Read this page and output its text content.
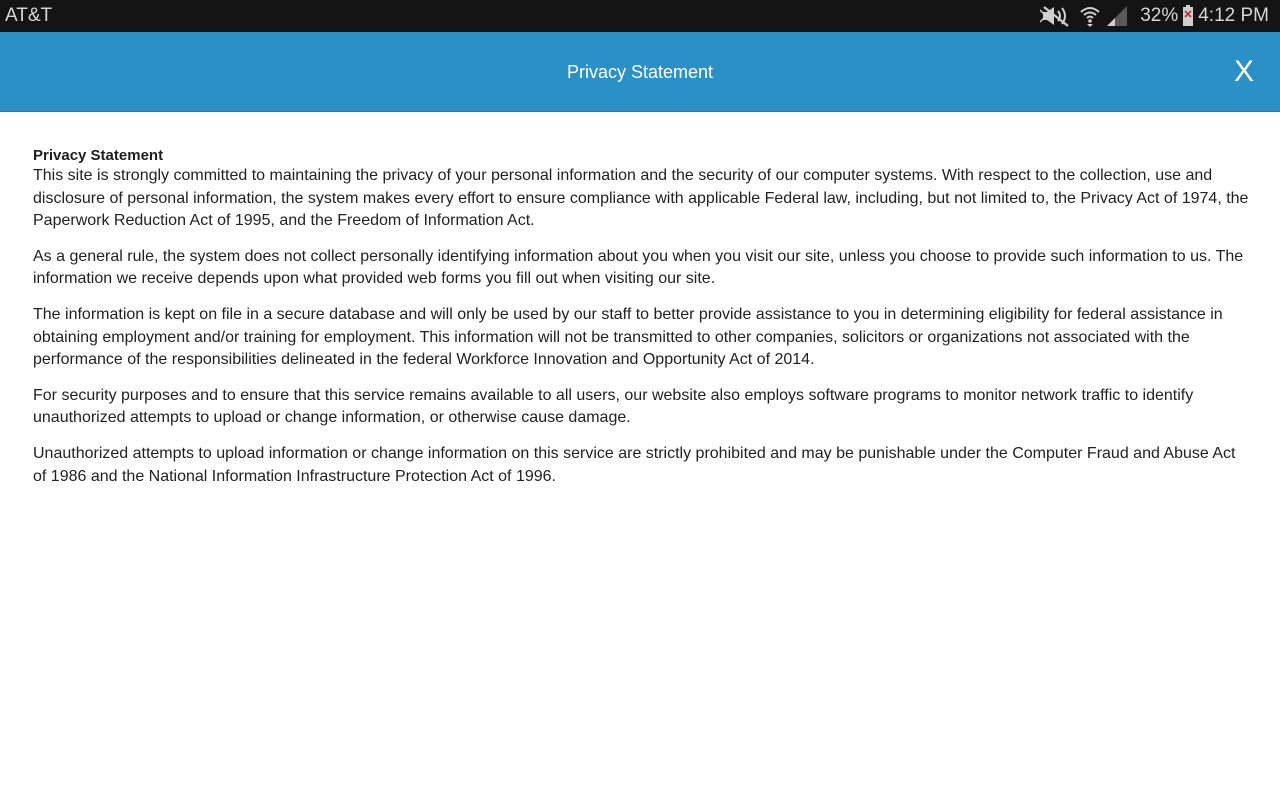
AT&T	32% 4:12 PM
Privacy Statement	X
Privacy Statement

This site is strongly committed to maintaining the privacy of your personal information and the security of our computer systems. With respect to the collection, use and disclosure of personal information, the system makes every effort to ensure compliance with applicable Federal law, including, but not limited to, the Privacy Act of 1974, the Paperwork Reduction Act of 1995, and the Freedom of Information Act.

As a general rule, the system does not collect personally identifying information about you when you visit our site, unless you choose to provide such information to us. The information we receive depends upon what provided web forms you fill out when visiting our site.

The information is kept on file in a secure database and will only be used by our staff to better provide assistance to you in determining eligibility for federal assistance in obtaining employment and/or training for employment. This information will not be transmitted to other companies, solicitors or organizations not associated with the performance of the responsibilities delineated in the federal Workforce Innovation and Opportunity Act of 2014.

For security purposes and to ensure that this service remains available to all users, our website also employs software programs to monitor network traffic to identify unauthorized attempts to upload or change information, or otherwise cause damage.

Unauthorized attempts to upload information or change information on this service are strictly prohibited and may be punishable under the Computer Fraud and Abuse Act of 1986 and the National Information Infrastructure Protection Act of 1996.
